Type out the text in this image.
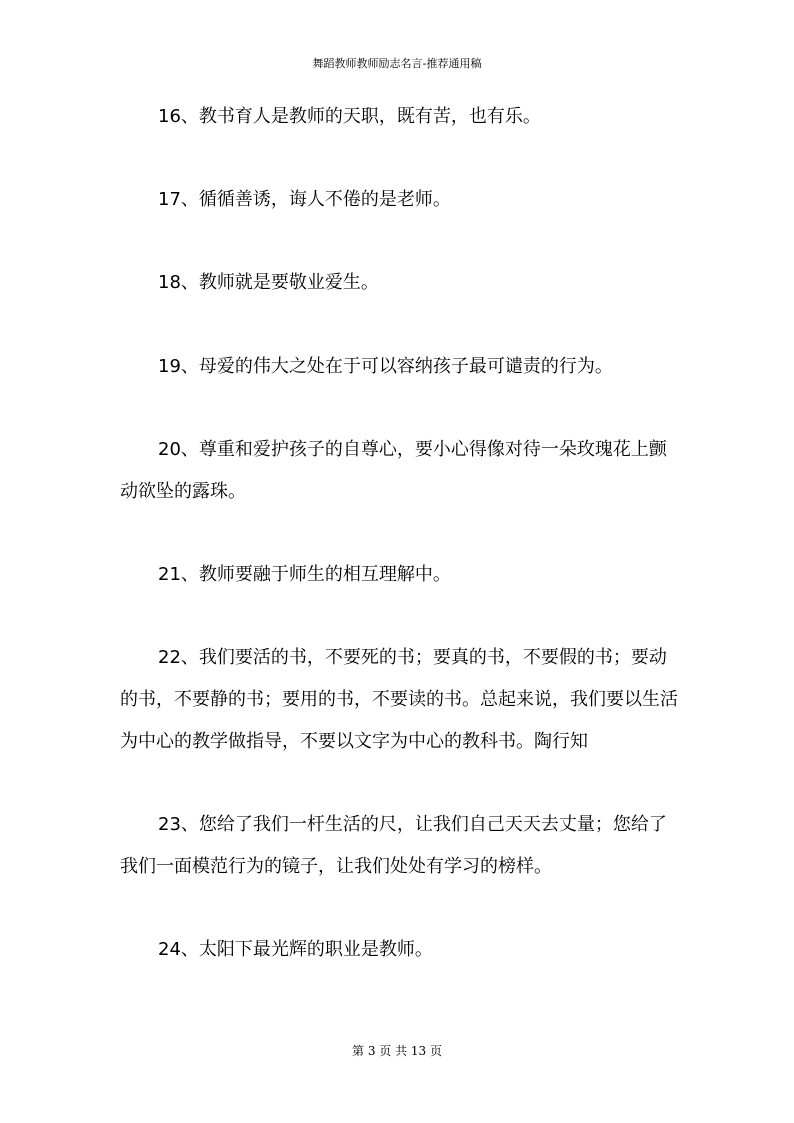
舞蹈教师教师励志名言-推荐通用稿

16、教书育人是教师的天职，既有苦，也有乐。

17、循循善诱，诲人不倦的是老师。

18、教师就是要敬业爱生。

19、母爱的伟大之处在于可以容纳孩子最可谴责的行为。

20、尊重和爱护孩子的自尊心，要小心得像对待一朵玫瑰花上颤动欲坠的露珠。

21、教师要融于师生的相互理解中。

22、我们要活的书，不要死的书；要真的书，不要假的书；要动的书，不要静的书；要用的书，不要读的书。总起来说，我们要以生活为中心的教学做指导，不要以文字为中心的教科书。陶行知

23、您给了我们一杆生活的尺，让我们自己天天去丈量；您给了我们一面模范行为的镜子，让我们处处有学习的榜样。

24、太阳下最光辉的职业是教师。

第 3 页 共 13 页
